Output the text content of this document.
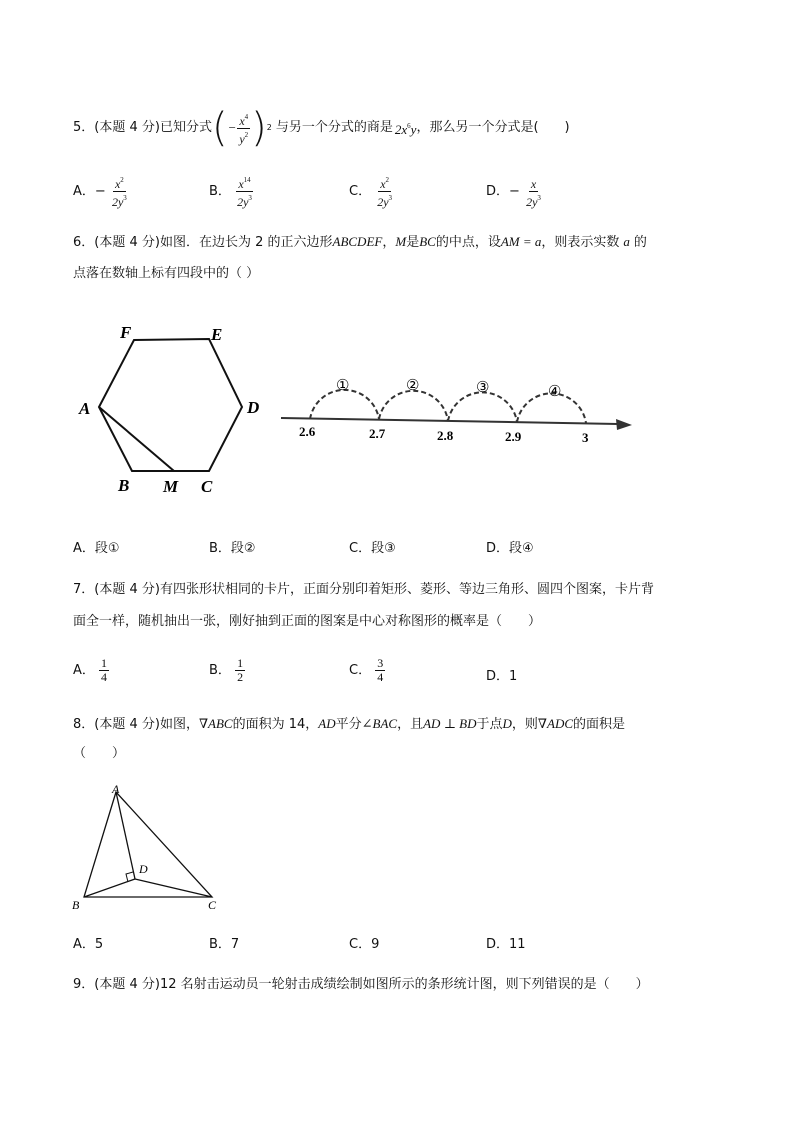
5．(本题 4 分)已知分式 ( − $\frac{x^4}{y^2}$ ) 2 与另一个分式的商是 $2x^6y$ ，那么另一个分式是(　　)
A．− $\frac{x^2}{2y^3}$	B． $\frac{x^{14}}{2y^3}$	C． $\frac{x^2}{2y^3}$	D．− $\frac{x}{2y^3}$
6．(本题 4 分)如图．在边长为 2 的正六边形ABCDEF，M是BC的中点，设AM = a，则表示实数 a 的
点落在数轴上标有四段中的（ ）
F	E
A	D
B M C
①	②	③	④
2.6	2.7	2.8	2.9	3
A．段①	B．段②	C．段③	D．段④
7．(本题 4 分)有四张形状相同的卡片，正面分别印着矩形、菱形、等边三角形、圆四个图案，卡片背
面全一样，随机抽出一张，刚好抽到正面的图案是中心对称图形的概率是（　　）
A． $\frac{1}{4}$	B． $\frac{1}{2}$	C． $\frac{3}{4}$	D．1
8．(本题 4 分)如图，∇ABC的面积为 14，AD平分∠BAC，且AD ⊥ BD于点D，则∇ADC的面积是
（　　）
A
B	C
D
A．5	B．7	C．9	D．11
9．(本题 4 分)12 名射击运动员一轮射击成绩绘制如图所示的条形统计图，则下列错误的是（　　）
